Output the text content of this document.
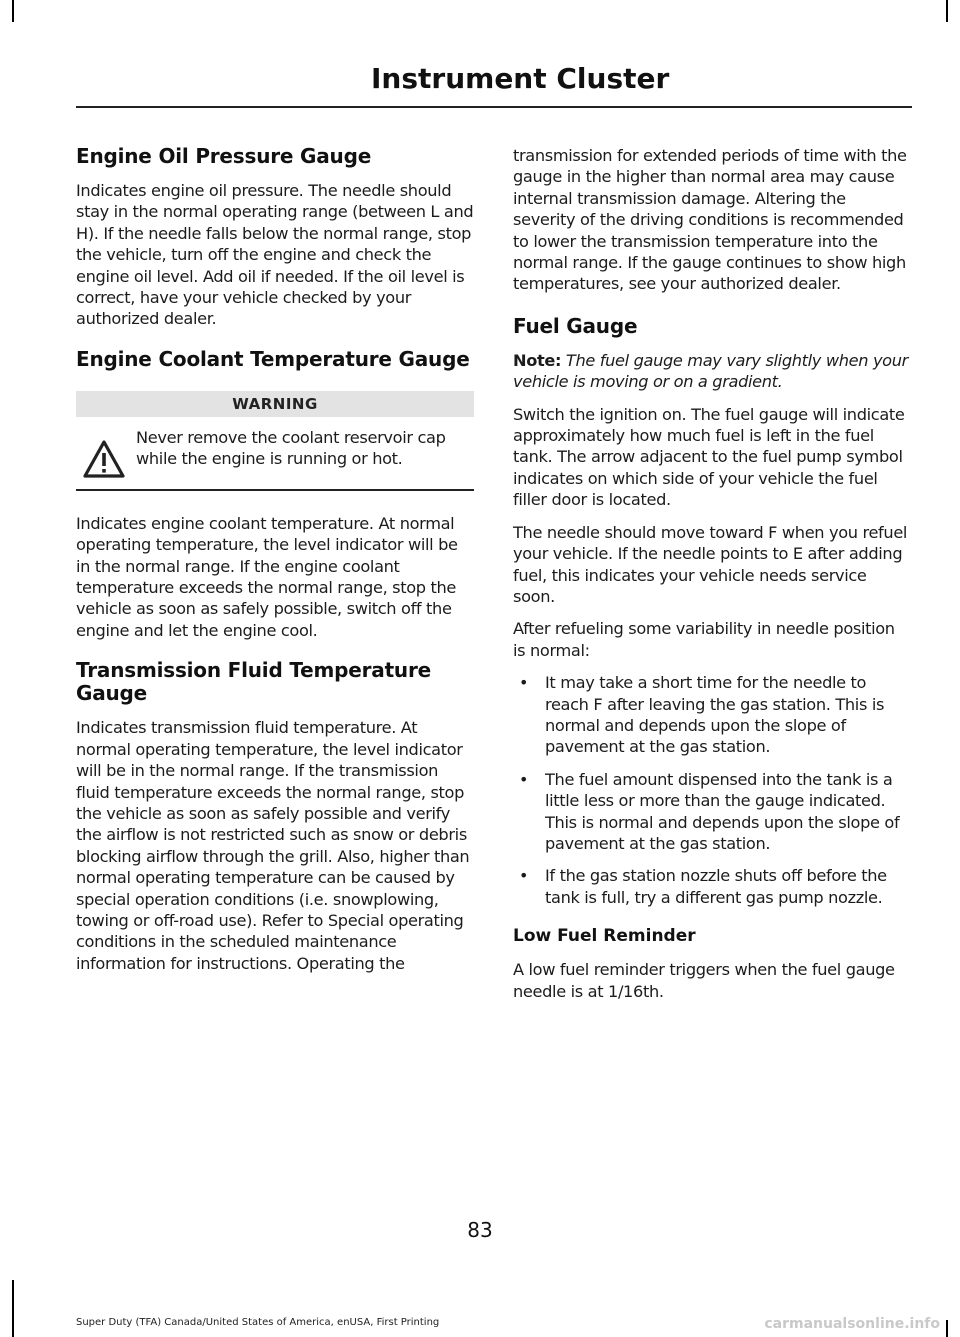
Instrument Cluster
Engine Oil Pressure Gauge

Indicates engine oil pressure. The needle should stay in the normal operating range (between L and H). If the needle falls below the normal range, stop the vehicle, turn off the engine and check the engine oil level. Add oil if needed. If the oil level is correct, have your vehicle checked by your authorized dealer.

Engine Coolant Temperature Gauge
WARNING

Never remove the coolant reservoir cap while the engine is running or hot.

Indicates engine coolant temperature. At normal operating temperature, the level indicator will be in the normal range. If the engine coolant temperature exceeds the normal range, stop the vehicle as soon as safely possible, switch off the engine and let the engine cool.

Transmission Fluid Temperature Gauge

Indicates transmission fluid temperature. At normal operating temperature, the level indicator will be in the normal range. If the transmission fluid temperature exceeds the normal range, stop the vehicle as soon as safely possible and verify the airflow is not restricted such as snow or debris blocking airflow through the grill. Also, higher than normal operating temperature can be caused by special operation conditions (i.e. snowplowing, towing or off-road use). Refer to Special operating conditions in the scheduled maintenance information for instructions. Operating the

transmission for extended periods of time with the gauge in the higher than normal area may cause internal transmission damage. Altering the severity of the driving conditions is recommended to lower the transmission temperature into the normal range. If the gauge continues to show high temperatures, see your authorized dealer.

Fuel Gauge

Note: The fuel gauge may vary slightly when your vehicle is moving or on a gradient.

Switch the ignition on. The fuel gauge will indicate approximately how much fuel is left in the fuel tank. The arrow adjacent to the fuel pump symbol indicates on which side of your vehicle the fuel filler door is located.

The needle should move toward F when you refuel your vehicle. If the needle points to E after adding fuel, this indicates your vehicle needs service soon.

After refueling some variability in needle position is normal:

• It may take a short time for the needle to reach F after leaving the gas station. This is normal and depends upon the slope of pavement at the gas station.

• The fuel amount dispensed into the tank is a little less or more than the gauge indicated. This is normal and depends upon the slope of pavement at the gas station.

• If the gas station nozzle shuts off before the tank is full, try a different gas pump nozzle.

Low Fuel Reminder

A low fuel reminder triggers when the fuel gauge needle is at 1/16th.

83
Super Duty (TFA) Canada/United States of America, enUSA, First Printing	carmanualsonline.info
